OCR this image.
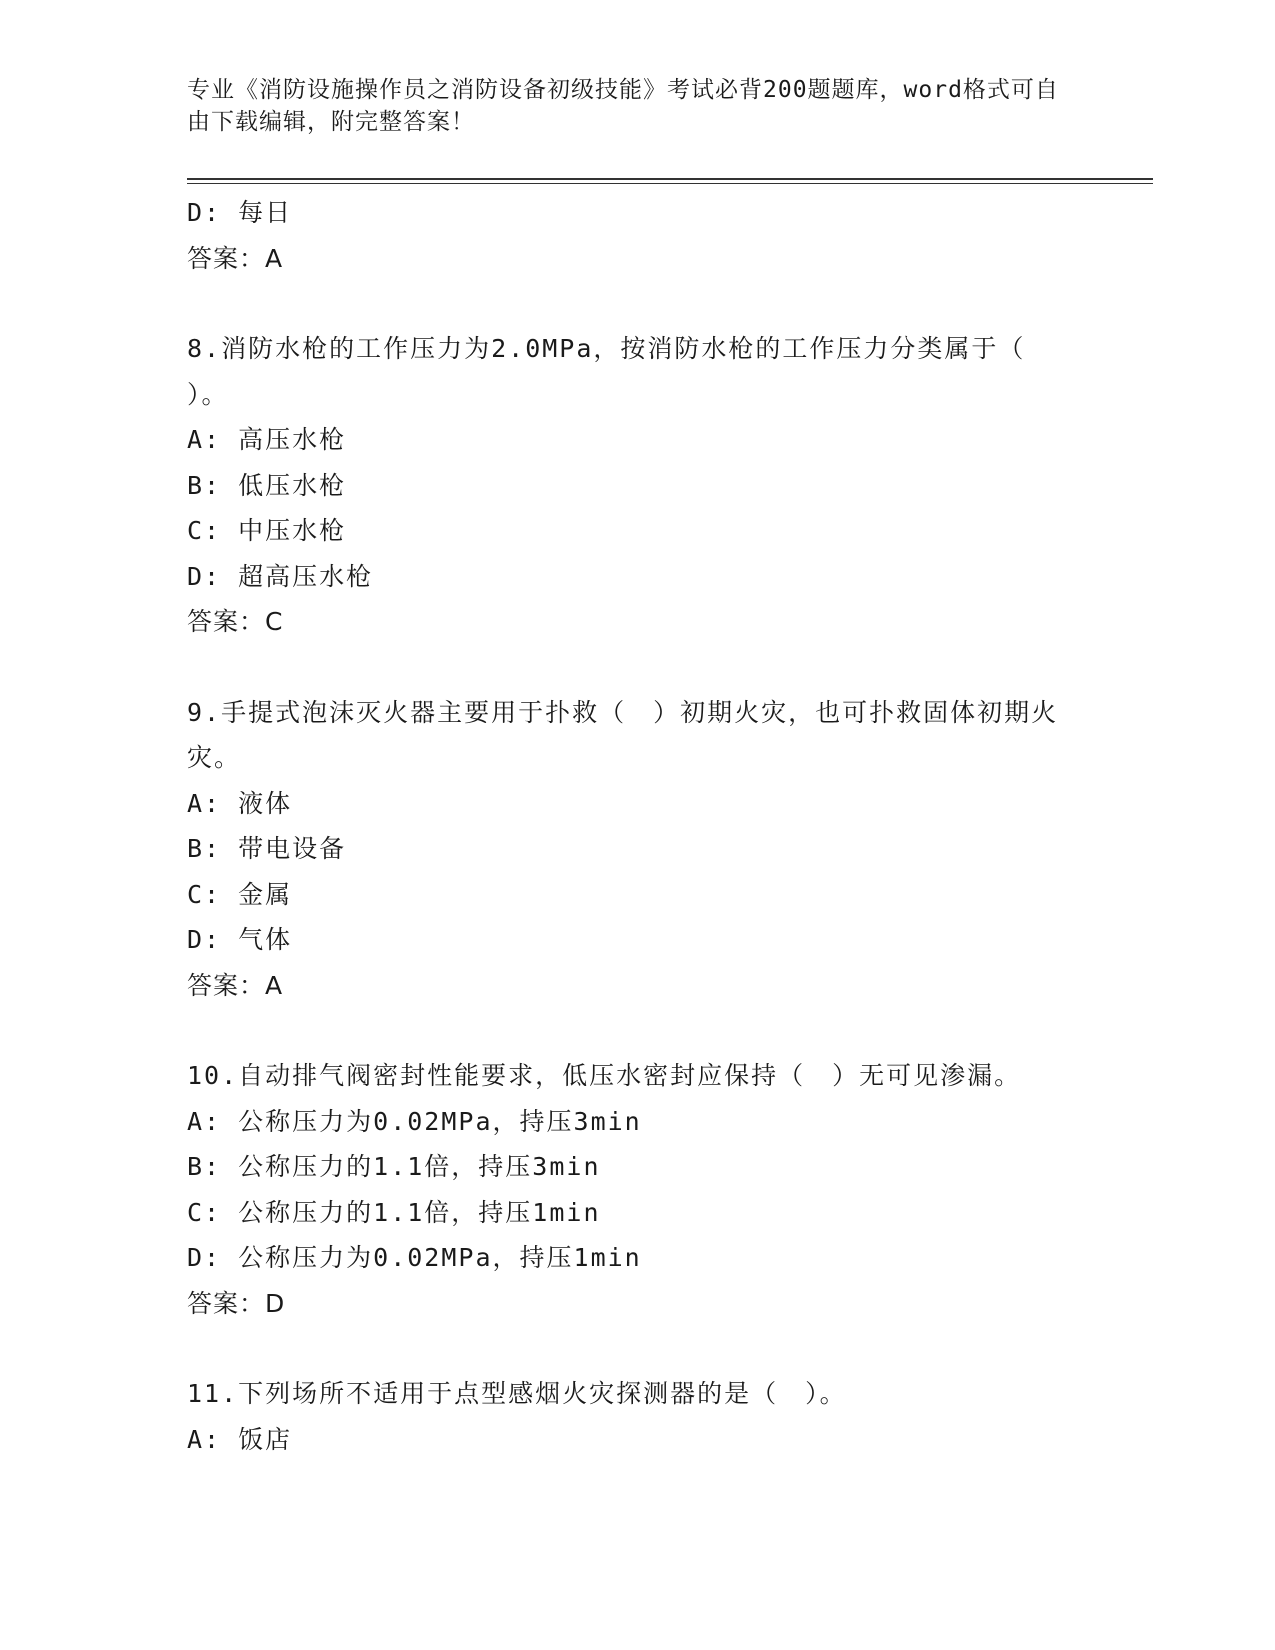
专业《消防设施操作员之消防设备初级技能》考试必背200题题库，word格式可自由下载编辑，附完整答案！
D: 每日
答案：A
8.消防水枪的工作压力为2.0MPa，按消防水枪的工作压力分类属于（ ）。
A: 高压水枪
B: 低压水枪
C: 中压水枪
D: 超高压水枪
答案：C
9.手提式泡沫灭火器主要用于扑救（　）初期火灾，也可扑救固体初期火灾。
A: 液体
B: 带电设备
C: 金属
D: 气体
答案：A
10.自动排气阀密封性能要求，低压水密封应保持（　）无可见渗漏。
A: 公称压力为0.02MPa，持压3min
B: 公称压力的1.1倍，持压3min
C: 公称压力的1.1倍，持压1min
D: 公称压力为0.02MPa，持压1min
答案：D
11.下列场所不适用于点型感烟火灾探测器的是（　）。
A: 饭店
